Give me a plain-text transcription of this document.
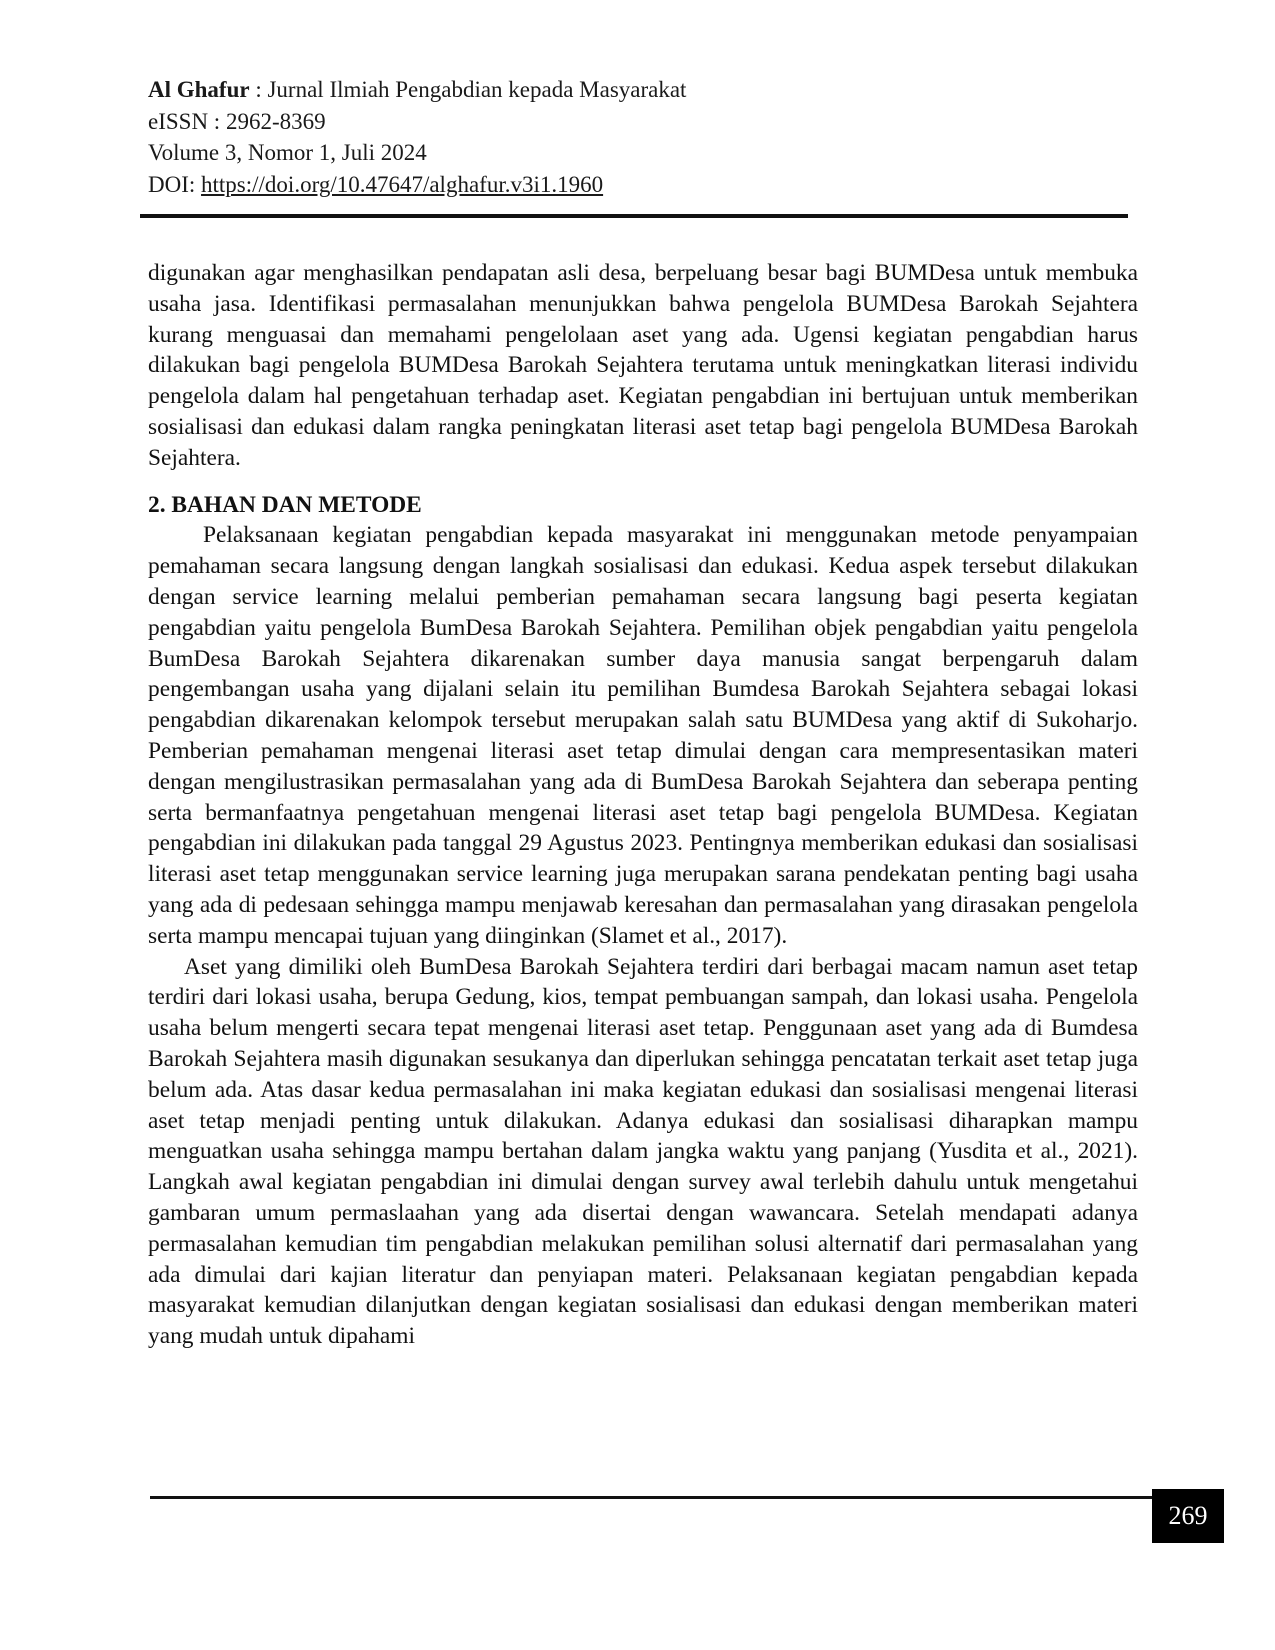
Al Ghafur : Jurnal Ilmiah Pengabdian kepada Masyarakat
eISSN : 2962-8369
Volume 3, Nomor 1, Juli 2024
DOI: https://doi.org/10.47647/alghafur.v3i1.1960

digunakan agar menghasilkan pendapatan asli desa, berpeluang besar bagi BUMDesa untuk membuka usaha jasa. Identifikasi permasalahan menunjukkan bahwa pengelola BUMDesa Barokah Sejahtera kurang menguasai dan memahami pengelolaan aset yang ada. Ugensi kegiatan pengabdian harus dilakukan bagi pengelola BUMDesa Barokah Sejahtera terutama untuk meningkatkan literasi individu pengelola dalam hal pengetahuan terhadap aset. Kegiatan pengabdian ini bertujuan untuk memberikan sosialisasi dan edukasi dalam rangka peningkatan literasi aset tetap bagi pengelola BUMDesa Barokah Sejahtera.

2. BAHAN DAN METODE

Pelaksanaan kegiatan pengabdian kepada masyarakat ini menggunakan metode penyampaian pemahaman secara langsung dengan langkah sosialisasi dan edukasi. Kedua aspek tersebut dilakukan dengan service learning melalui pemberian pemahaman secara langsung bagi peserta kegiatan pengabdian yaitu pengelola BumDesa Barokah Sejahtera. Pemilihan objek pengabdian yaitu pengelola BumDesa Barokah Sejahtera dikarenakan sumber daya manusia sangat berpengaruh dalam pengembangan usaha yang dijalani selain itu pemilihan Bumdesa Barokah Sejahtera sebagai lokasi pengabdian dikarenakan kelompok tersebut merupakan salah satu BUMDesa yang aktif di Sukoharjo. Pemberian pemahaman mengenai literasi aset tetap dimulai dengan cara mempresentasikan materi dengan mengilustrasikan permasalahan yang ada di BumDesa Barokah Sejahtera dan seberapa penting serta bermanfaatnya pengetahuan mengenai literasi aset tetap bagi pengelola BUMDesa. Kegiatan pengabdian ini dilakukan pada tanggal 29 Agustus 2023. Pentingnya memberikan edukasi dan sosialisasi literasi aset tetap menggunakan service learning juga merupakan sarana pendekatan penting bagi usaha yang ada di pedesaan sehingga mampu menjawab keresahan dan permasalahan yang dirasakan pengelola serta mampu mencapai tujuan yang diinginkan (Slamet et al., 2017).

Aset yang dimiliki oleh BumDesa Barokah Sejahtera terdiri dari berbagai macam namun aset tetap terdiri dari lokasi usaha, berupa Gedung, kios, tempat pembuangan sampah, dan lokasi usaha. Pengelola usaha belum mengerti secara tepat mengenai literasi aset tetap. Penggunaan aset yang ada di Bumdesa Barokah Sejahtera masih digunakan sesukanya dan diperlukan sehingga pencatatan terkait aset tetap juga belum ada. Atas dasar kedua permasalahan ini maka kegiatan edukasi dan sosialisasi mengenai literasi aset tetap menjadi penting untuk dilakukan. Adanya edukasi dan sosialisasi diharapkan mampu menguatkan usaha sehingga mampu bertahan dalam jangka waktu yang panjang (Yusdita et al., 2021). Langkah awal kegiatan pengabdian ini dimulai dengan survey awal terlebih dahulu untuk mengetahui gambaran umum permaslaahan yang ada disertai dengan wawancara. Setelah mendapati adanya permasalahan kemudian tim pengabdian melakukan pemilihan solusi alternatif dari permasalahan yang ada dimulai dari kajian literatur dan penyiapan materi. Pelaksanaan kegiatan pengabdian kepada masyarakat kemudian dilanjutkan dengan kegiatan sosialisasi dan edukasi dengan memberikan materi yang mudah untuk dipahami

269
